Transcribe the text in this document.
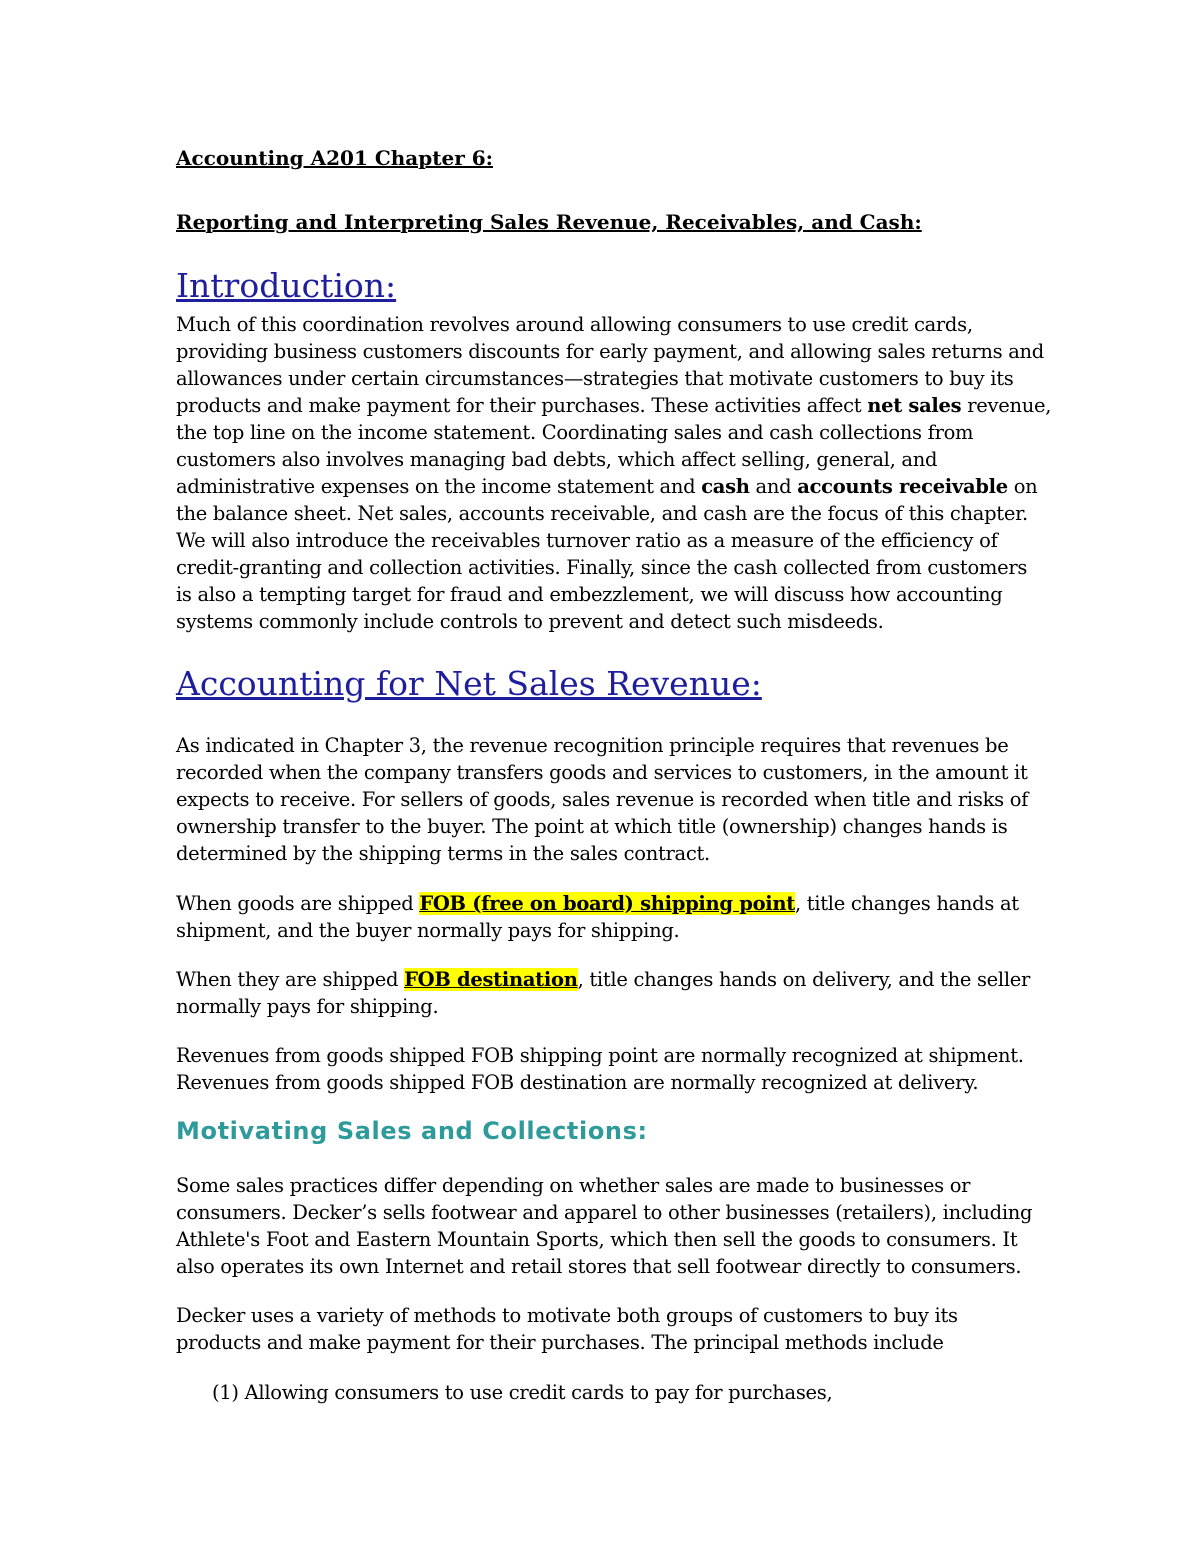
Accounting A201 Chapter 6:
Reporting and Interpreting Sales Revenue, Receivables, and Cash:
Introduction:

Much of this coordination revolves around allowing consumers to use credit cards,
providing business customers discounts for early payment, and allowing sales returns and
allowances under certain circumstances—strategies that motivate customers to buy its
products and make payment for their purchases. These activities affect net sales revenue,
the top line on the income statement. Coordinating sales and cash collections from
customers also involves managing bad debts, which affect selling, general, and
administrative expenses on the income statement and cash and accounts receivable on
the balance sheet. Net sales, accounts receivable, and cash are the focus of this chapter.
We will also introduce the receivables turnover ratio as a measure of the efficiency of
credit-granting and collection activities. Finally, since the cash collected from customers
is also a tempting target for fraud and embezzlement, we will discuss how accounting
systems commonly include controls to prevent and detect such misdeeds.

Accounting for Net Sales Revenue:

As indicated in Chapter 3, the revenue recognition principle requires that revenues be
recorded when the company transfers goods and services to customers, in the amount it
expects to receive. For sellers of goods, sales revenue is recorded when title and risks of
ownership transfer to the buyer. The point at which title (ownership) changes hands is
determined by the shipping terms in the sales contract.

When goods are shipped FOB (free on board) shipping point, title changes hands at
shipment, and the buyer normally pays for shipping.

When they are shipped FOB destination, title changes hands on delivery, and the seller
normally pays for shipping.

Revenues from goods shipped FOB shipping point are normally recognized at shipment.
Revenues from goods shipped FOB destination are normally recognized at delivery.

Motivating Sales and Collections:

Some sales practices differ depending on whether sales are made to businesses or
consumers. Decker’s sells footwear and apparel to other businesses (retailers), including
Athlete's Foot and Eastern Mountain Sports, which then sell the goods to consumers. It
also operates its own Internet and retail stores that sell footwear directly to consumers.

Decker uses a variety of methods to motivate both groups of customers to buy its
products and make payment for their purchases. The principal methods include

(1) Allowing consumers to use credit cards to pay for purchases,
